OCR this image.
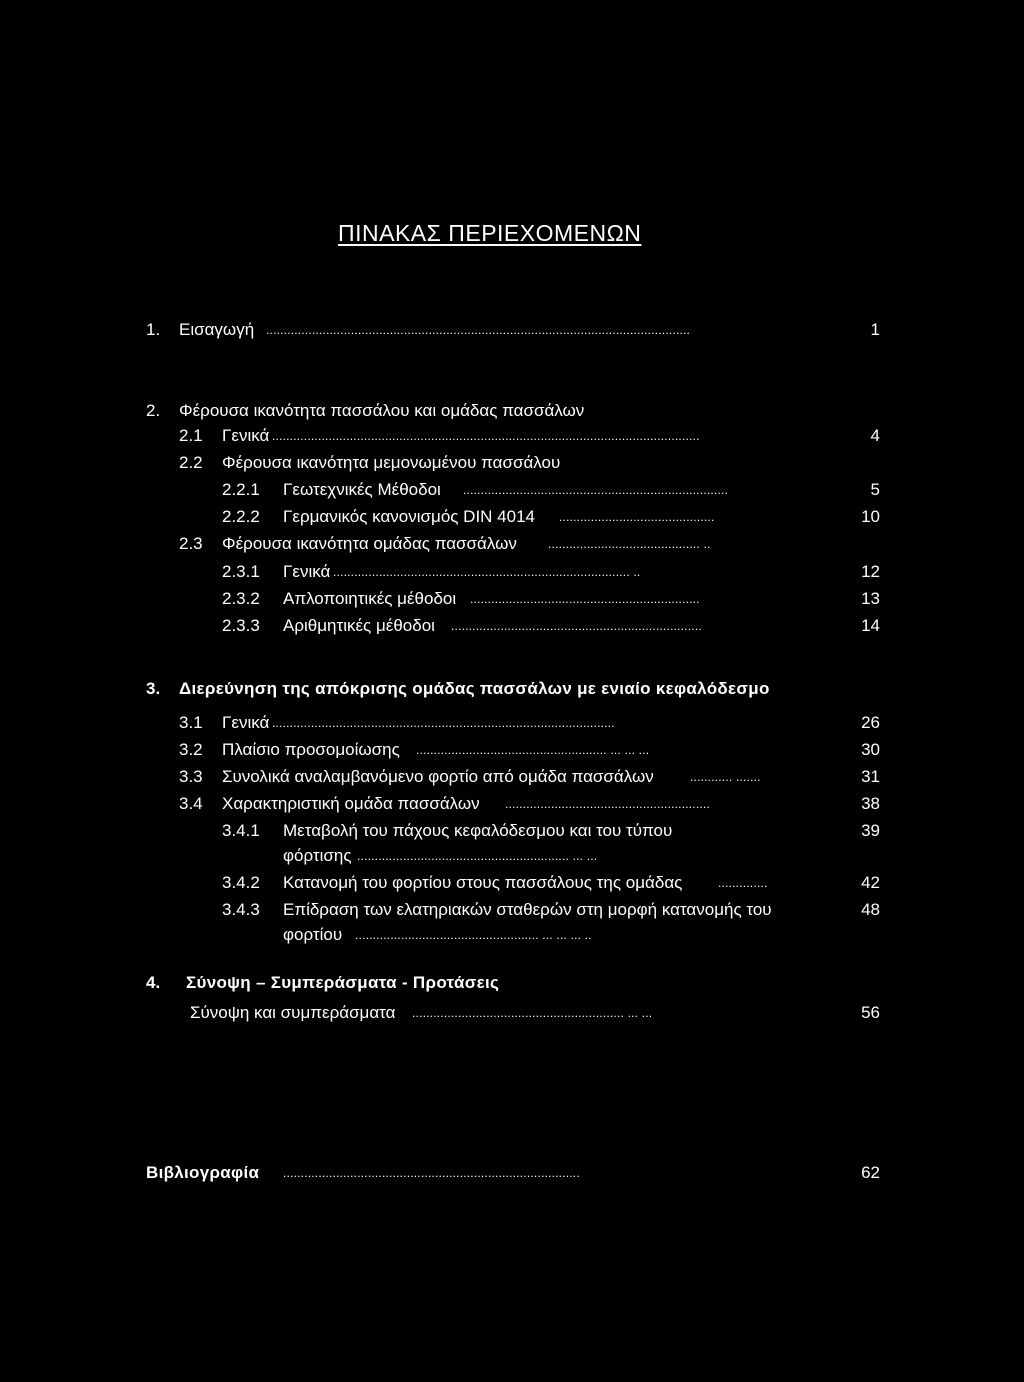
ΠΙΝΑΚΑΣ ΠΕΡΙΕΧΟΜΕΝΩΝ
1. Εισαγωγή ........................................................................................................................	1
2. Φέρουσα ικανότητα πασσάλου και ομάδας πασσάλων
2.1 Γενικά .........................................................................................................................	4
2.2 Φέρουσα ικανότητα μεμονωμένου πασσάλου
2.2.1 Γεωτεχνικές Μέθοδοι ...........................................................................	5
2.2.2 Γερμανικός κανονισμός DIN 4014 ............................................	10
2.3 Φέρουσα ικανότητα ομάδας πασσάλων	........................................... ..
2.3.1 Γενικά .................................................................................... ..	12
2.3.2 Απλοποιητικές μέθοδοι .................................................................	13
2.3.3 Αριθμητικές μέθοδοι .......................................................................	14
3. Διερεύνηση της απόκρισης ομάδας πασσάλων με ενιαίο κεφαλόδεσμο
3.1 Γενικά .................................................................................................	26
3.2 Πλαίσιο προσομοίωσης ...................................................... ... ... ...	30
3.3 Συνολικά αναλαμβανόμενο φορτίο από ομάδα πασσάλων	............ .......	31
3.4 Χαρακτηριστική ομάδα πασσάλων ..........................................................	38
3.4.1 Μεταβολή του πάχους κεφαλόδεσμου και του τύπου	39
φόρτισης ............................................................ ... ...
3.4.2 Κατανομή του φορτίου στους πασσάλους της ομάδας	..............	42
3.4.3 Επίδραση των ελατηριακών σταθερών στη μορφή κατανομής του	48
φορτίου .................................................... ... ... ... ..
4. Σύνοψη – Συμπεράσματα - Προτάσεις
Σύνοψη και συμπεράσματα ............................................................ ... ...	56
Βιβλιογραφία ....................................................................................	62
